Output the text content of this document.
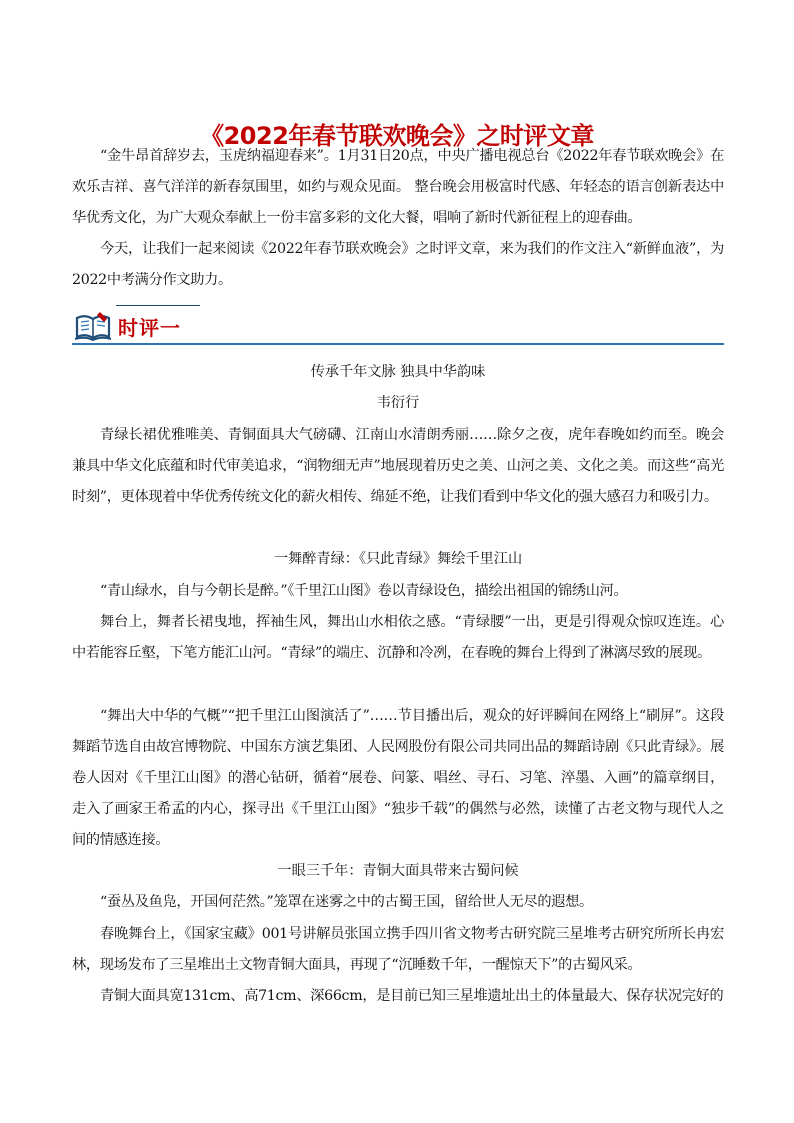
《2022年春节联欢晚会》之时评文章

“金牛昂首辞岁去，玉虎纳福迎春来”。1月31日20点，中央广播电视总台《2022年春节联欢晚会》在欢乐吉祥、喜气洋洋的新春氛围里，如约与观众见面。 整台晚会用极富时代感、年轻态的语言创新表达中华优秀文化，为广大观众奉献上一份丰富多彩的文化大餐，唱响了新时代新征程上的迎春曲。

今天，让我们一起来阅读《2022年春节联欢晚会》之时评文章，来为我们的作文注入“新鲜血液”，为2022中考满分作文助力。

时评一

传承千年文脉 独具中华韵味

韦衍行

青绿长裙优雅唯美、青铜面具大气磅礴、江南山水清朗秀丽……除夕之夜，虎年春晚如约而至。晚会兼具中华文化底蕴和时代审美追求，“润物细无声”地展现着历史之美、山河之美、文化之美。而这些“高光时刻”，更体现着中华优秀传统文化的薪火相传、绵延不绝，让我们看到中华文化的强大感召力和吸引力。

一舞醉青绿：《只此青绿》舞绘千里江山

“青山绿水，自与今朝长是醉。”《千里江山图》卷以青绿设色，描绘出祖国的锦绣山河。

舞台上，舞者长裙曳地，挥袖生风，舞出山水相依之感。“青绿腰”一出，更是引得观众惊叹连连。心中若能容丘壑，下笔方能汇山河。“青绿”的端庄、沉静和冷冽，在春晚的舞台上得到了淋漓尽致的展现。

“舞出大中华的气概”“把千里江山图演活了”……节目播出后，观众的好评瞬间在网络上“刷屏”。这段舞蹈节选自由故宫博物院、中国东方演艺集团、人民网股份有限公司共同出品的舞蹈诗剧《只此青绿》。展卷人因对《千里江山图》的潜心钻研，循着“展卷、问篆、唱丝、寻石、习笔、淬墨、入画”的篇章纲目，走入了画家王希孟的内心，探寻出《千里江山图》“独步千载”的偶然与必然，读懂了古老文物与现代人之间的情感连接。

一眼三千年：青铜大面具带来古蜀问候

“蚕丛及鱼凫，开国何茫然。”笼罩在迷雾之中的古蜀王国，留给世人无尽的遐想。

春晚舞台上，《国家宝藏》001号讲解员张国立携手四川省文物考古研究院三星堆考古研究所所长冉宏林，现场发布了三星堆出土文物青铜大面具，再现了“沉睡数千年，一醒惊天下”的古蜀风采。

青铜大面具宽131cm、高71cm、深66cm，是目前已知三星堆遗址出土的体量最大、保存状况完好的
